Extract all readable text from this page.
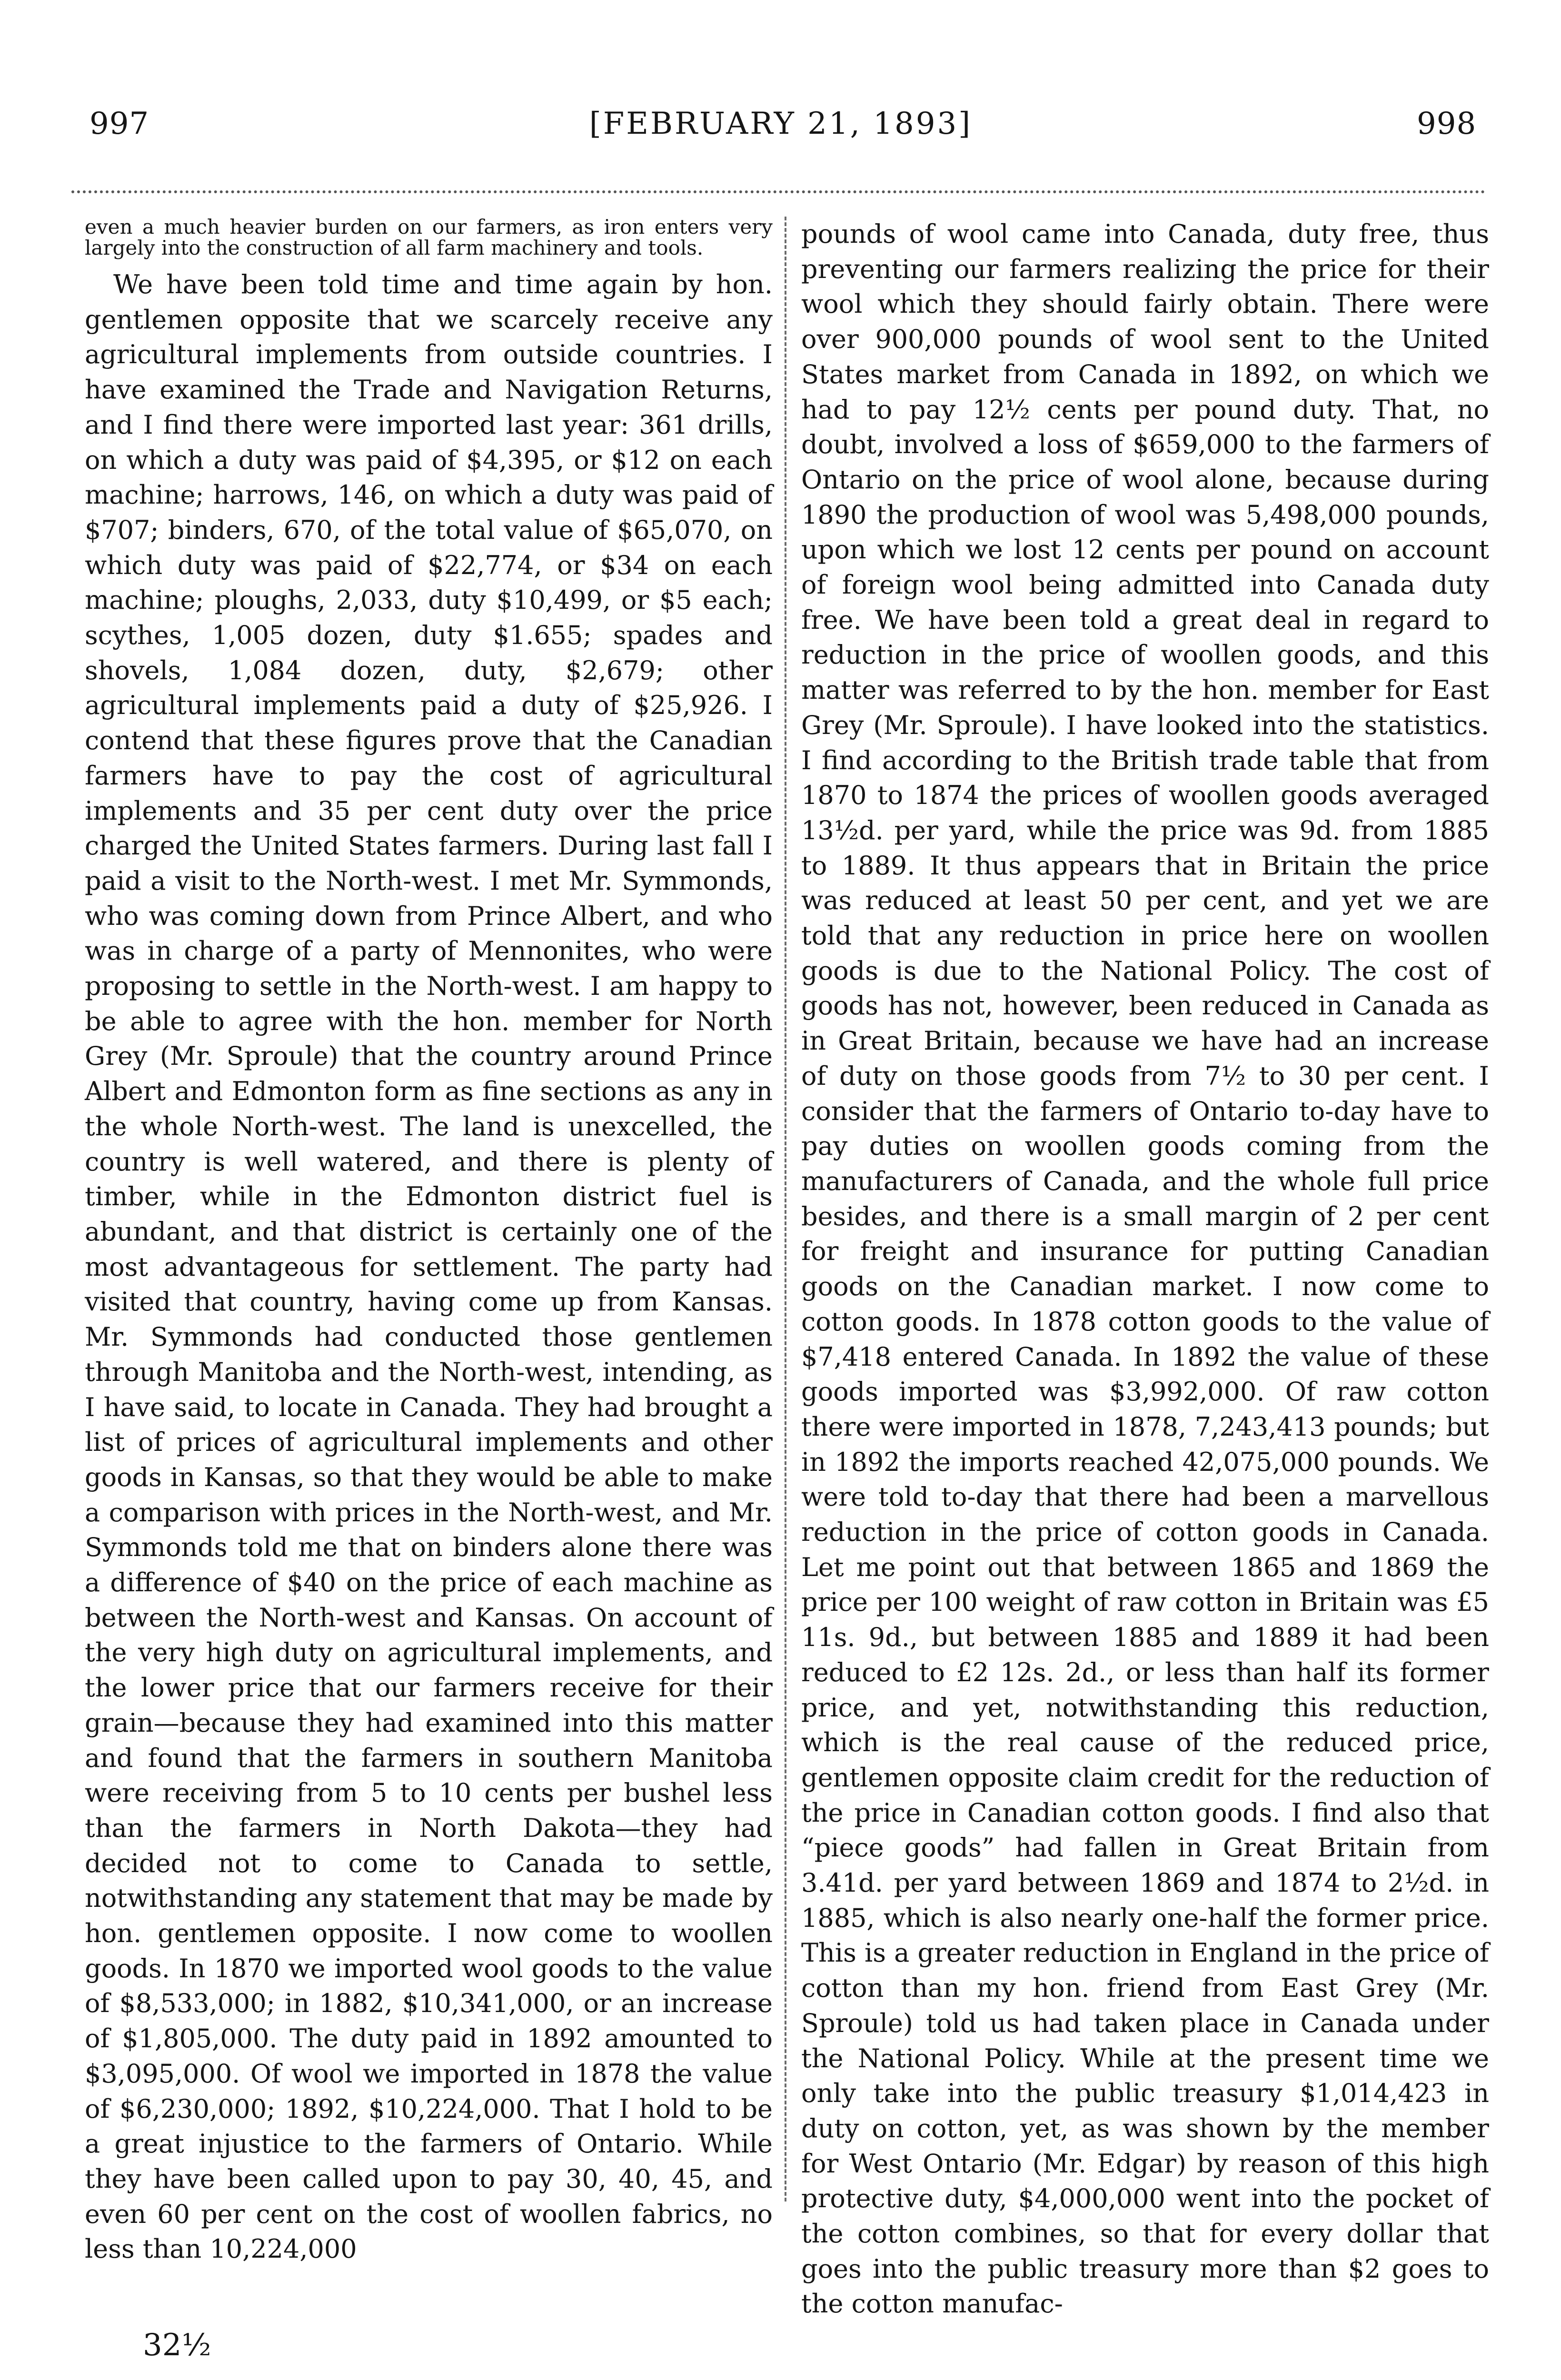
997	[FEBRUARY 21, 1893]	998

even a much heavier burden on our farmers, as iron enters very largely into the construction of all farm machinery and tools.

We have been told time and time again by hon. gentlemen opposite that we scarcely receive any agricultural implements from outside countries. I have examined the Trade and Navigation Returns, and I find there were imported last year: 361 drills, on which a duty was paid of $4,395, or $12 on each machine; harrows, 146, on which a duty was paid of $707; binders, 670, of the total value of $65,070, on which duty was paid of $22,774, or $34 on each machine; ploughs, 2,033, duty $10,499, or $5 each; scythes, 1,005 dozen, duty $1.655; spades and shovels, 1,084 dozen, duty, $2,679; other agricultural implements paid a duty of $25,926. I contend that these figures prove that the Canadian farmers have to pay the cost of agricultural implements and 35 per cent duty over the price charged the United States farmers. During last fall I paid a visit to the North-west. I met Mr. Symmonds, who was coming down from Prince Albert, and who was in charge of a party of Mennonites, who were proposing to settle in the North-west. I am happy to be able to agree with the hon. member for North Grey (Mr. Sproule) that the country around Prince Albert and Edmonton form as fine sections as any in the whole North-west. The land is unexcelled, the country is well watered, and there is plenty of timber, while in the Edmonton district fuel is abundant, and that district is certainly one of the most advantageous for settlement. The party had visited that country, having come up from Kansas. Mr. Symmonds had conducted those gentlemen through Manitoba and the North-west, intending, as I have said, to locate in Canada. They had brought a list of prices of agricultural implements and other goods in Kansas, so that they would be able to make a comparison with prices in the North-west, and Mr. Symmonds told me that on binders alone there was a difference of $40 on the price of each machine as between the North-west and Kansas. On account of the very high duty on agricultural implements, and the lower price that our farmers receive for their grain—because they had examined into this matter and found that the farmers in southern Manitoba were receiving from 5 to 10 cents per bushel less than the farmers in North Dakota—they had decided not to come to Canada to settle, notwithstanding any statement that may be made by hon. gentlemen opposite. I now come to woollen goods. In 1870 we imported wool goods to the value of $8,533,000; in 1882, $10,341,000, or an increase of $1,805,000. The duty paid in 1892 amounted to $3,095,000. Of wool we imported in 1878 the value of $6,230,000; 1892, $10,224,000. That I hold to be a great injustice to the farmers of Ontario. While they have been called upon to pay 30, 40, 45, and even 60 per cent on the cost of woollen fabrics, no less than 10,224,000

pounds of wool came into Canada, duty free, thus preventing our farmers realizing the price for their wool which they should fairly obtain. There were over 900,000 pounds of wool sent to the United States market from Canada in 1892, on which we had to pay 12½ cents per pound duty. That, no doubt, involved a loss of $659,000 to the farmers of Ontario on the price of wool alone, because during 1890 the production of wool was 5,498,000 pounds, upon which we lost 12 cents per pound on account of foreign wool being admitted into Canada duty free. We have been told a great deal in regard to reduction in the price of woollen goods, and this matter was referred to by the hon. member for East Grey (Mr. Sproule). I have looked into the statistics. I find according to the British trade table that from 1870 to 1874 the prices of woollen goods averaged 13½d. per yard, while the price was 9d. from 1885 to 1889. It thus appears that in Britain the price was reduced at least 50 per cent, and yet we are told that any reduction in price here on woollen goods is due to the National Policy. The cost of goods has not, however, been reduced in Canada as in Great Britain, because we have had an increase of duty on those goods from 7½ to 30 per cent. I consider that the farmers of Ontario to-day have to pay duties on woollen goods coming from the manufacturers of Canada, and the whole full price besides, and there is a small margin of 2 per cent for freight and insurance for putting Canadian goods on the Canadian market. I now come to cotton goods. In 1878 cotton goods to the value of $7,418 entered Canada. In 1892 the value of these goods imported was $3,992,000. Of raw cotton there were imported in 1878, 7,243,413 pounds; but in 1892 the imports reached 42,075,000 pounds. We were told to-day that there had been a marvellous reduction in the price of cotton goods in Canada. Let me point out that between 1865 and 1869 the price per 100 weight of raw cotton in Britain was £5 11s. 9d., but between 1885 and 1889 it had been reduced to £2 12s. 2d., or less than half its former price, and yet, notwithstanding this reduction, which is the real cause of the reduced price, gentlemen opposite claim credit for the reduction of the price in Canadian cotton goods. I find also that “piece goods” had fallen in Great Britain from 3.41d. per yard between 1869 and 1874 to 2½d. in 1885, which is also nearly one-half the former price. This is a greater reduction in England in the price of cotton than my hon. friend from East Grey (Mr. Sproule) told us had taken place in Canada under the National Policy. While at the present time we only take into the public treasury $1,014,423 in duty on cotton, yet, as was shown by the member for West Ontario (Mr. Edgar) by reason of this high protective duty, $4,000,000 went into the pocket of the cotton combines, so that for every dollar that goes into the public treasury more than $2 goes to the cotton manufac-

32½
